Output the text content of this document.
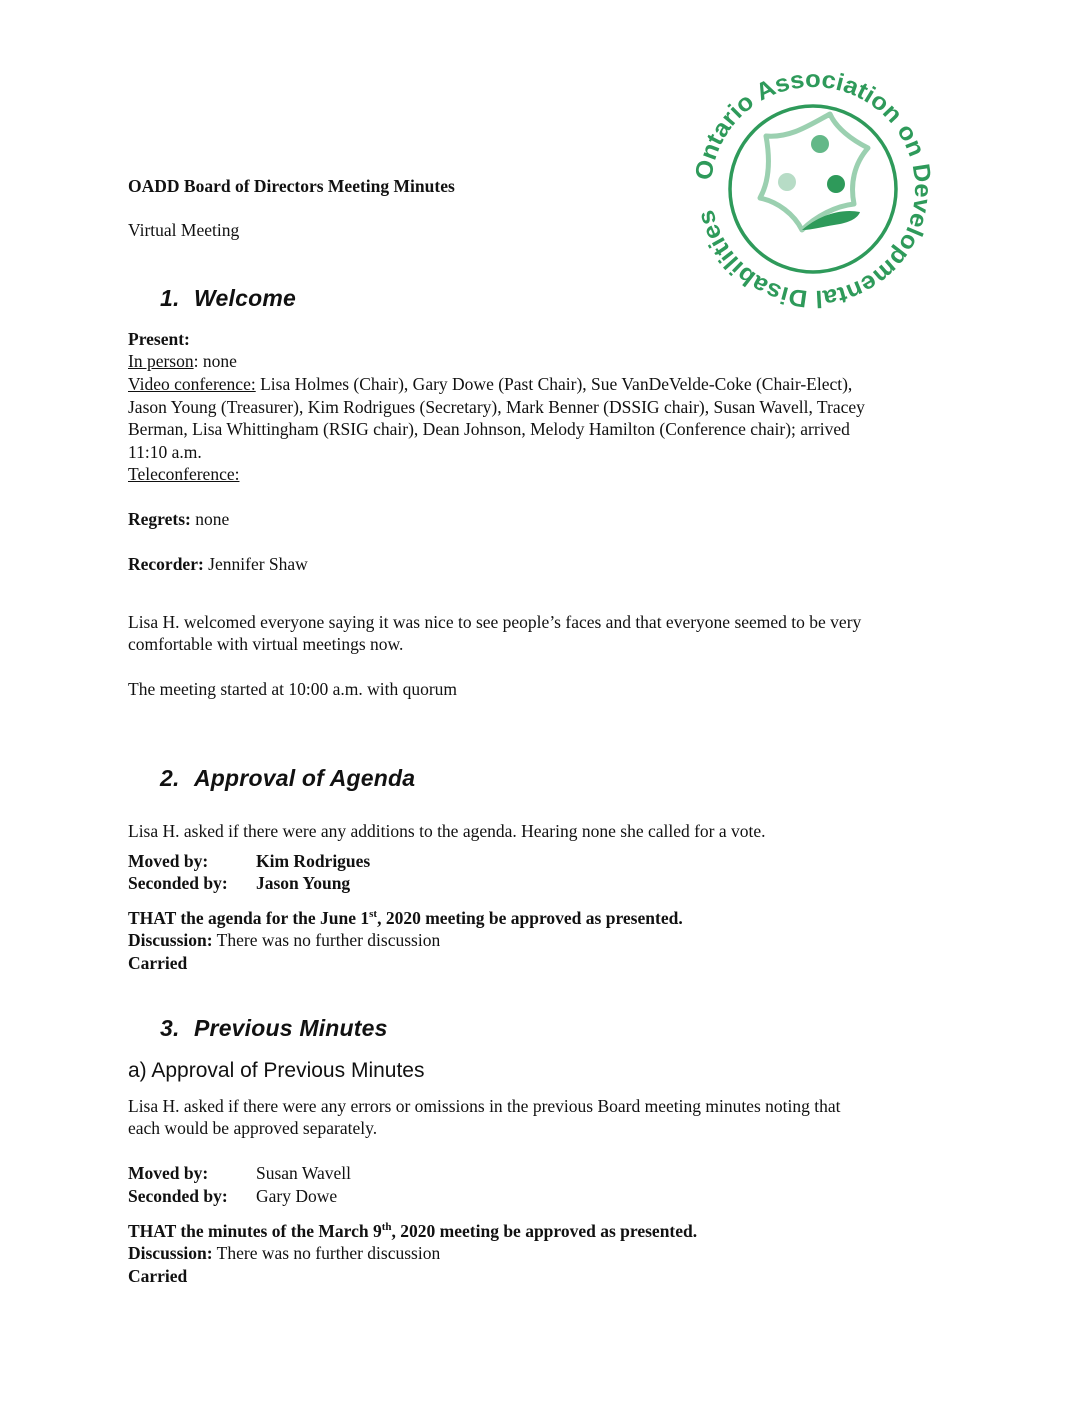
Ontario Association on Developmental Disabilities
OADD Board of Directors Meeting Minutes
Virtual Meeting
1. Welcome
Present:
In person: none
Video conference: Lisa Holmes (Chair), Gary Dowe (Past Chair), Sue VanDeVelde-Coke (Chair-Elect),
Jason Young (Treasurer), Kim Rodrigues (Secretary), Mark Benner (DSSIG chair), Susan Wavell, Tracey
Berman, Lisa Whittingham (RSIG chair), Dean Johnson, Melody Hamilton (Conference chair); arrived
11:10 a.m.
Teleconference:
Regrets: none
Recorder: Jennifer Shaw
Lisa H. welcomed everyone saying it was nice to see people’s faces and that everyone seemed to be very
comfortable with virtual meetings now.
The meeting started at 10:00 a.m. with quorum
2. Approval of Agenda
Lisa H. asked if there were any additions to the agenda. Hearing none she called for a vote.
Moved by:	Kim Rodrigues
Seconded by: Jason Young
THAT the agenda for the June 1st, 2020 meeting be approved as presented.
Discussion: There was no further discussion
Carried
3. Previous Minutes
a) Approval of Previous Minutes
Lisa H. asked if there were any errors or omissions in the previous Board meeting minutes noting that
each would be approved separately.
Moved by:	Susan Wavell
Seconded by: Gary Dowe
THAT the minutes of the March 9th, 2020 meeting be approved as presented.
Discussion: There was no further discussion
Carried
